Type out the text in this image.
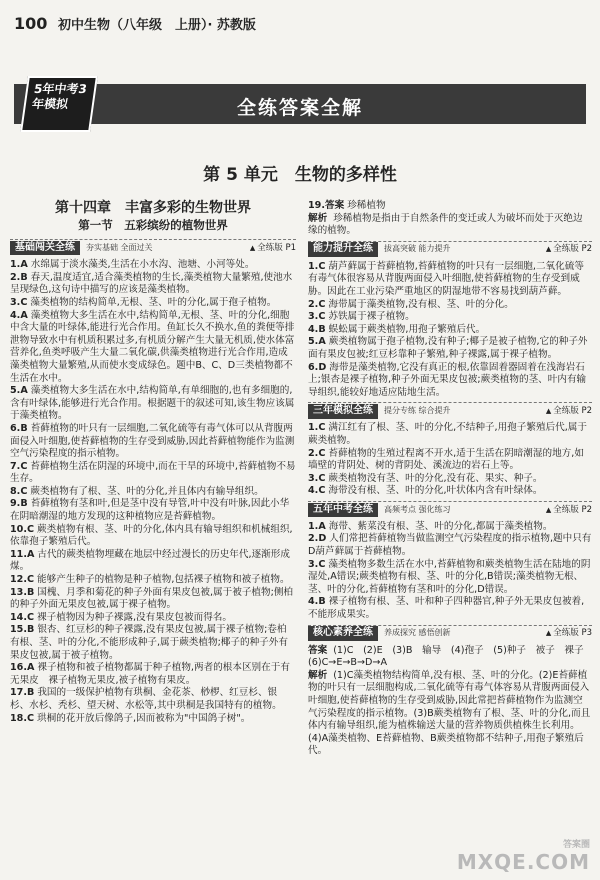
100 初中生物（八年级　上册）· 苏教版
5年中考3年模拟	全练答案全解
第 5 单元　生物的多样性
第十四章　丰富多彩的生物世界
第一节　五彩缤纷的植物世界
基础闯关全练	夯实基础 全面过关	▲ 全练版 P1

1.A 水绵属于淡水藻类,生活在小水沟、池塘、小河等处。

2.B 春天,温度适宜,适合藻类植物的生长,藻类植物大量繁殖,使池水呈现绿色,这句诗中描写的应该是藻类植物。

3.C 藻类植物的结构简单,无根、茎、叶的分化,属于孢子植物。

4.A 藻类植物大多生活在水中,结构简单,无根、茎、叶的分化,细胞中含大量的叶绿体,能进行光合作用。鱼缸长久不换水,鱼的粪便等排泄物导致水中有机质积累过多,有机质分解产生大量无机质,使水体富营养化,鱼类呼吸产生大量二氧化碳,供藻类植物进行光合作用,造成藻类植物大量繁殖,从而使水变成绿色。题中B、C、D三类植物都不生活在水中。

5.A 藻类植物大多生活在水中,结构简单,有单细胞的,也有多细胞的,含有叶绿体,能够进行光合作用。根据题干的叙述可知,该生物应该属于藻类植物。

6.B 苔藓植物的叶只有一层细胞,二氧化硫等有毒气体可以从背腹两面侵入叶细胞,使苔藓植物的生存受到威胁,因此苔藓植物能作为监测空气污染程度的指示植物。

7.C 苔藓植物生活在阴湿的环境中,而在干旱的环境中,苔藓植物不易生存。

8.C 蕨类植物有了根、茎、叶的分化,并且体内有输导组织。

9.B 苔藓植物有茎和叶,但是茎中没有导管,叶中没有叶脉,因此小华在阴暗潮湿的地方发现的这种植物应是苔藓植物。

10.C 蕨类植物有根、茎、叶的分化,体内具有输导组织和机械组织,依靠孢子繁殖后代。

11.A 古代的蕨类植物埋藏在地层中经过漫长的历史年代,逐渐形成煤。

12.C 能够产生种子的植物是种子植物,包括裸子植物和被子植物。

13.B 国槐、月季和菊花的种子外面有果皮包被,属于被子植物;侧柏的种子外面无果皮包被,属于裸子植物。

14.C 裸子植物因为种子裸露,没有果皮包被而得名。

15.B 银杏、红豆杉的种子裸露,没有果皮包被,属于裸子植物;卷柏有根、茎、叶的分化,不能形成种子,属于蕨类植物;椰子的种子外有果皮包被,属于被子植物。

16.A 裸子植物和被子植物都属于种子植物,两者的根本区别在于有无果皮　裸子植物无果皮,被子植物有果皮。

17.B 我国的一级保护植物有珙桐、金花茶、桫椤、红豆杉、银杉、水杉、秃杉、望天树、水松等,其中珙桐是我国特有的植物。

18.C 珙桐的花开放后像鸽子,因而被称为"中国鸽子树"。

19.答案 珍稀植物

解析 珍稀植物是指由于自然条件的变迁或人为破坏而处于灭绝边缘的植物。

能力提升全练	拔高突破 能力提升	▲ 全练版 P2

1.C 葫芦藓属于苔藓植物,苔藓植物的叶只有一层细胞,二氧化硫等有毒气体很容易从背腹两面侵入叶细胞,使苔藓植物的生存受到威胁。因此在工业污染严重地区的阴湿地带不容易找到葫芦藓。

2.C 海带属于藻类植物,没有根、茎、叶的分化。

3.C 苏铁属于裸子植物。

4.B 蜈蚣属于蕨类植物,用孢子繁殖后代。

5.A 蕨类植物属于孢子植物,没有种子;椰子是被子植物,它的种子外面有果皮包被;红豆杉靠种子繁殖,种子裸露,属于裸子植物。

6.D 海带是藻类植物,它没有真正的根,依靠固着器固着在浅海岩石上;银杏是裸子植物,种子外面无果皮包被;蕨类植物的茎、叶内有输导组织,能较好地适应陆地生活。

三年模拟全练	提分专练 综合提升	▲ 全练版 P2

1.C 满江红有了根、茎、叶的分化,不结种子,用孢子繁殖后代,属于蕨类植物。

2.C 苔藓植物的生殖过程离不开水,适于生活在阴暗潮湿的地方,如墙壁的背阴处、树的背阴处、溪流边的岩石上等。

3.C 蕨类植物没有茎、叶的分化,没有花、果实、种子。

4.C 海带没有根、茎、叶的分化,叶状体内含有叶绿体。

五年中考全练	高频考点 强化练习	▲ 全练版 P2

1.A 海带、紫菜没有根、茎、叶的分化,都属于藻类植物。

2.D 人们常把苔藓植物当做监测空气污染程度的指示植物,题中只有D葫芦藓属于苔藓植物。

3.C 藻类植物多数生活在水中,苔藓植物和蕨类植物生活在陆地的阴湿处,A错误;蕨类植物有根、茎、叶的分化,B错误;藻类植物无根、茎、叶的分化,苔藓植物有茎和叶的分化,D错误。

4.B 裸子植物有根、茎、叶和种子四种器官,种子外无果皮包被着,不能形成果实。

核心素养全练	养成探究 感悟创新	▲ 全练版 P3

答案 (1)C　(2)E　(3)B　输导　(4)孢子　(5)种子　被子　裸子　(6)C→E→B→D→A

解析 (1)C藻类植物结构简单,没有根、茎、叶的分化。(2)E苔藓植物的叶只有一层细胞构成,二氧化硫等有毒气体容易从背腹两面侵入叶细胞,使苔藓植物的生存受到威胁,因此常把苔藓植物作为监测空气污染程度的指示植物。(3)B蕨类植物有了根、茎、叶的分化,而且体内有输导组织,能为植株输送大量的营养物质供植株生长利用。(4)A藻类植物、E苔藓植物、B蕨类植物都不结种子,用孢子繁殖后代。

答案圈
MXQE.COM
